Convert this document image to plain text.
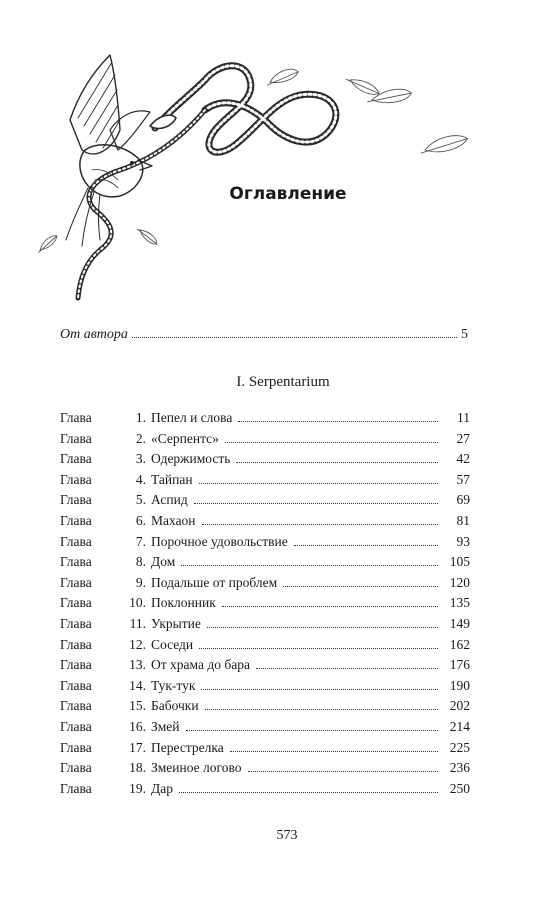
Оглавление
От автора	5
I. Serpentarium
Глава	1. Пепел и слова	11
Глава	2. «Серпентс»	27
Глава	3. Одержимость	42
Глава	4. Тайпан	57
Глава	5. Аспид	69
Глава	6. Махаон	81
Глава	7. Порочное удовольствие	93
Глава	8. Дом	105
Глава	9. Подальше от проблем	120
Глава	10. Поклонник	135
Глава	11. Укрытие	149
Глава	12. Соседи	162
Глава	13. От храма до бара	176
Глава	14. Тук-тук	190
Глава	15. Бабочки	202
Глава	16. Змей	214
Глава	17. Перестрелка	225
Глава	18. Змеиное логово	236
Глава	19. Дар	250
573
